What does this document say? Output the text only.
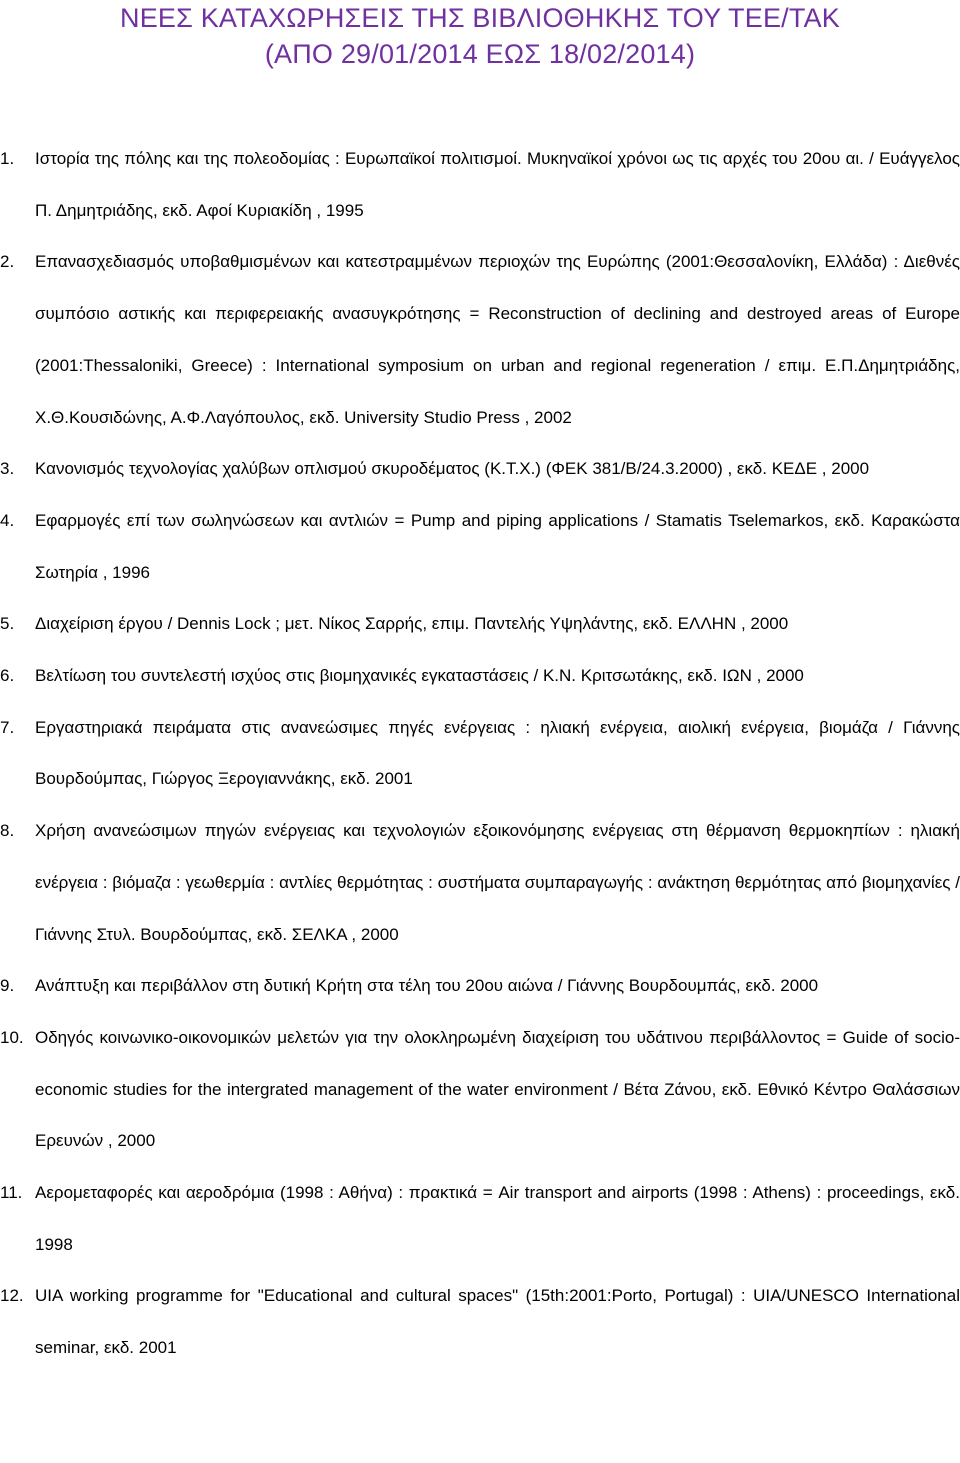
ΝΕΕΣ ΚΑΤΑΧΩΡΗΣΕΙΣ ΤΗΣ ΒΙΒΛΙΟΘΗΚΗΣ ΤΟΥ ΤΕΕ/ΤΑΚ
(ΑΠΟ 29/01/2014 ΕΩΣ 18/02/2014)
1.	Ιστορία της πόλης και της πολεοδομίας : Ευρωπαϊκοί πολιτισμοί. Μυκηναϊκοί χρόνοι ως τις αρχές του 20ου αι. / Ευάγγελος Π. Δημητριάδης, εκδ. Αφοί Κυριακίδη , 1995
2.	Επανασχεδιασμός υποβαθμισμένων και κατεστραμμένων περιοχών της Ευρώπης (2001:Θεσσαλονίκη, Ελλάδα) : Διεθνές συμπόσιο αστικής και περιφερειακής ανασυγκρότησης = Reconstruction of declining and destroyed areas of Europe (2001:Thessaloniki, Greece) : International symposium on urban and regional regeneration / επιμ. Ε.Π.Δημητριάδης, Χ.Θ.Κουσιδώνης, Α.Φ.Λαγόπουλος, εκδ. University Studio Press , 2002
3.	Κανονισμός τεχνολογίας χαλύβων οπλισμού σκυροδέματος (Κ.Τ.Χ.) (ΦΕΚ 381/Β/24.3.2000) , εκδ. ΚΕΔΕ , 2000
4.	Εφαρμογές επί των σωληνώσεων και αντλιών = Pump and piping applications / Stamatis Tselemarkos, εκδ. Καρακώστα Σωτηρία , 1996
5.	Διαχείριση έργου / Dennis Lock ; μετ. Νίκος Σαρρής, επιμ. Παντελής Υψηλάντης, εκδ. ΕΛΛΗΝ , 2000
6.	Βελτίωση του συντελεστή ισχύος στις βιομηχανικές εγκαταστάσεις / Κ.Ν. Κριτσωτάκης, εκδ. ΙΩΝ , 2000
7.	Εργαστηριακά πειράματα στις ανανεώσιμες πηγές ενέργειας : ηλιακή ενέργεια, αιολική ενέργεια, βιομάζα / Γιάννης Βουρδούμπας, Γιώργος Ξερογιαννάκης, εκδ. 2001
8.	Χρήση ανανεώσιμων πηγών ενέργειας και τεχνολογιών εξοικονόμησης ενέργειας στη θέρμανση θερμοκηπίων : ηλιακή ενέργεια : βιόμαζα : γεωθερμία : αντλίες θερμότητας : συστήματα συμπαραγωγής : ανάκτηση θερμότητας από βιομηχανίες / Γιάννης Στυλ. Βουρδούμπας, εκδ. ΣΕΛΚΑ , 2000
9.	Ανάπτυξη και περιβάλλον στη δυτική Κρήτη στα τέλη του 20ου αιώνα / Γιάννης Βουρδουμπάς, εκδ. 2000
10. Οδηγός κοινωνικο-οικονομικών μελετών για την ολοκληρωμένη διαχείριση του υδάτινου περιβάλλοντος = Guide of socio-economic studies for the intergrated management of the water environment / Βέτα Ζάνου, εκδ. Εθνικό Κέντρο Θαλάσσιων Ερευνών , 2000
11. Αερομεταφορές και αεροδρόμια (1998 : Αθήνα) : πρακτικά = Air transport and airports (1998 : Athens) : proceedings, εκδ. 1998
12. UIA working programme for "Educational and cultural spaces" (15th:2001:Porto, Portugal) : UIA/UNESCO International seminar, εκδ. 2001
